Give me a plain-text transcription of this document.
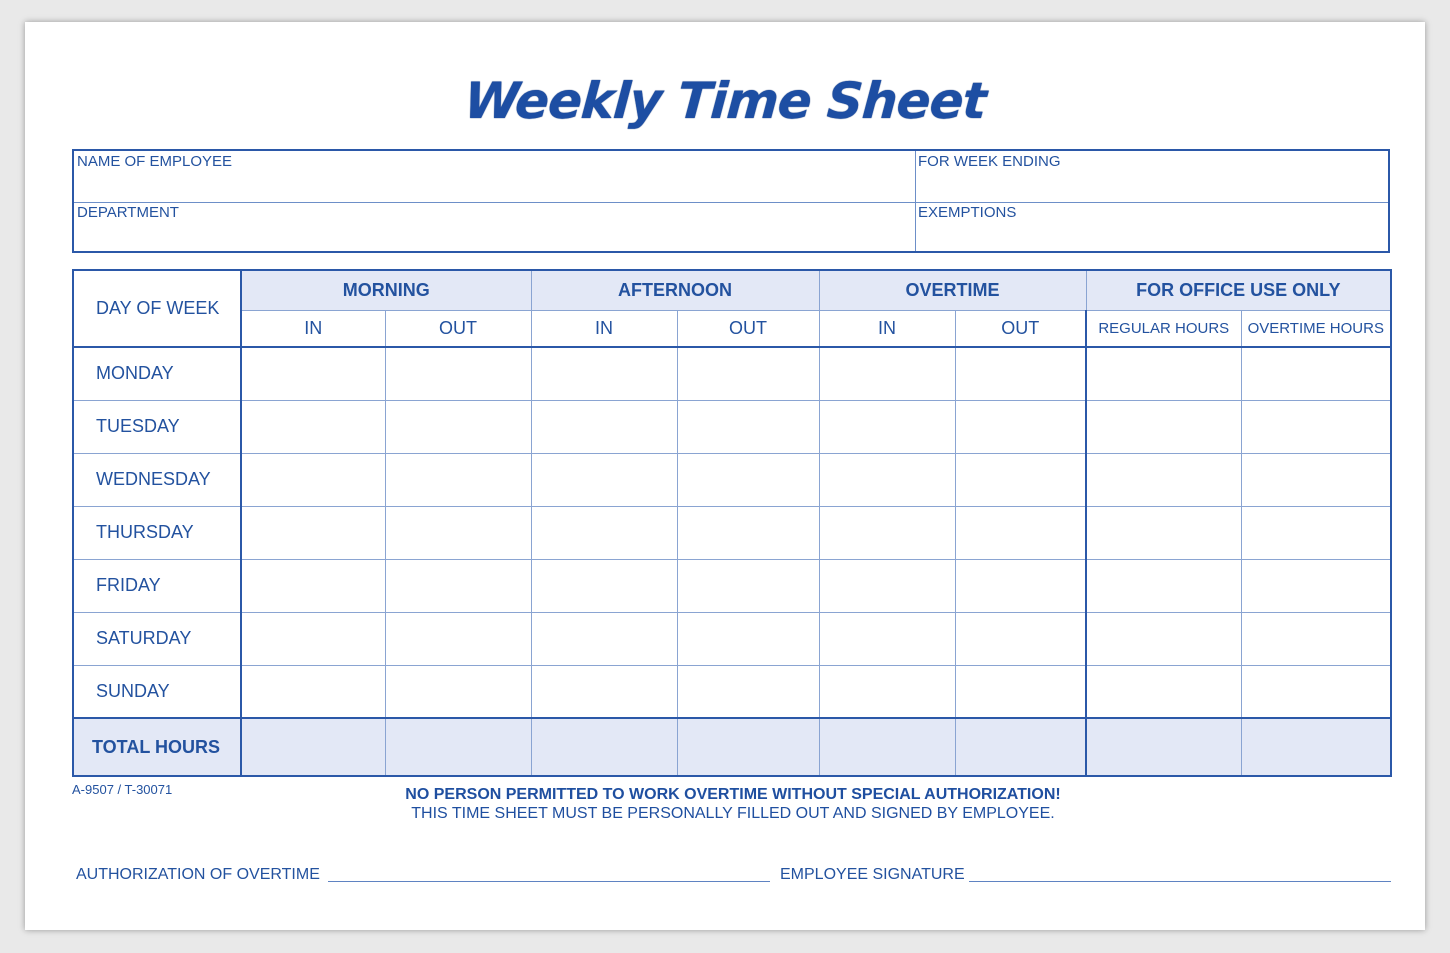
Weekly Time Sheet
NAME OF EMPLOYEE	FOR WEEK ENDING
DEPARTMENT	EXEMPTIONS
DAY OF WEEK	MORNING		AFTERNOON		OVERTIME		FOR OFFICE USE ONLY	
	IN	OUT	IN	OUT	IN	OUT	REGULAR HOURS	OVERTIME HOURS
MONDAY								
TUESDAY								
WEDNESDAY								
THURSDAY								
FRIDAY								
SATURDAY								
SUNDAY								
TOTAL HOURS								
A-9507 / T-30071	NO PERSON PERMITTED TO WORK OVERTIME WITHOUT SPECIAL AUTHORIZATION!
THIS TIME SHEET MUST BE PERSONALLY FILLED OUT AND SIGNED BY EMPLOYEE.
AUTHORIZATION OF OVERTIME	EMPLOYEE SIGNATURE
